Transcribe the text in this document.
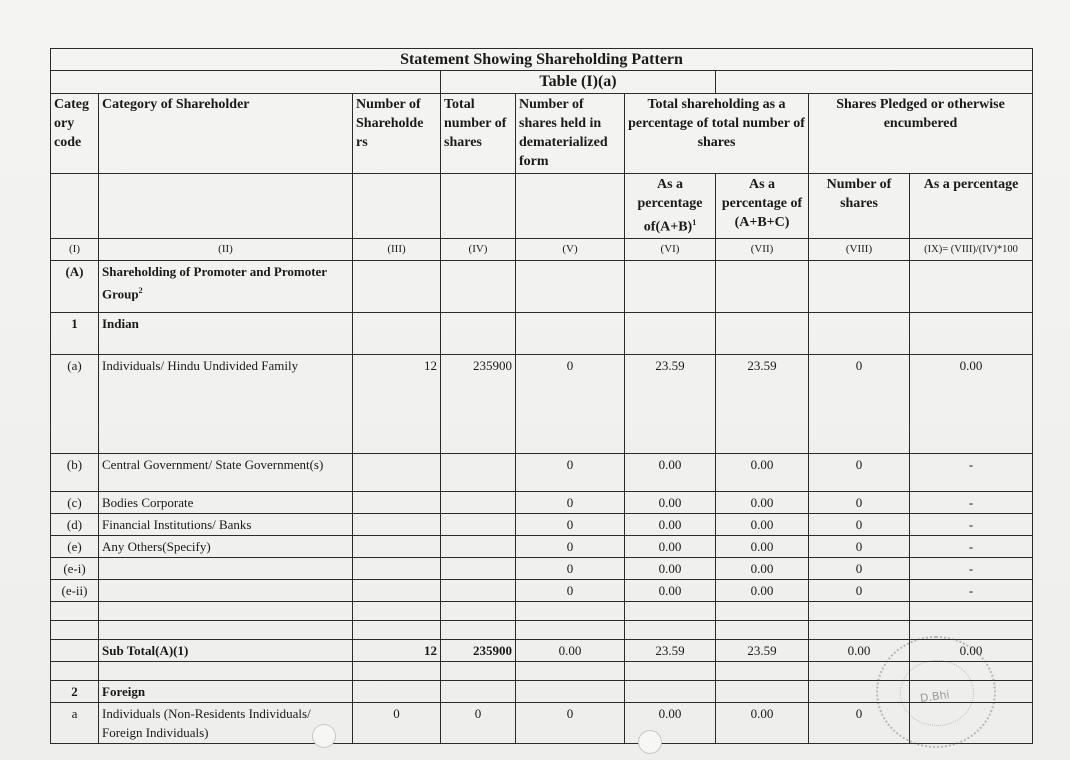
Statement Showing Shareholding Pattern								
			Table (I)(a)					
Categ ory code	Category of Shareholder	Number of Shareholde rs	Total number of shares	Number of shares held in dematerialized form	Total shareholding as a percentage of total number of shares		Shares Pledged or otherwise encumbered	
					As a percentage $of(A+B)^1$	As a percentage of (A+B+C)	Number of shares	As a percentage
(I)	(II)	(III)	(IV)	(V)	(VI)	(VII)	(VIII)	(IX)= (VIII)/(IV)*100
(A)	Shareholding of Promoter and Promoter Group$^2$							
1	Indian							
(a)	Individuals/ Hindu Undivided Family	12	235900	0	23.59	23.59	0	0.00
(b)	Central Government/ State Government(s)			0	0.00	0.00	0	-
(c)	Bodies Corporate			0	0.00	0.00	0	-
(d)	Financial Institutions/ Banks			0	0.00	0.00	0	-
(e)	Any Others(Specify)			0	0.00	0.00	0	-
(e-i)				0	0.00	0.00	0	-
(e-ii)				0	0.00	0.00	0	-

	Sub Total(A)(1)	12	235900	0.00	23.59	23.59	0.00	0.00

2	Foreign							
a	Individuals (Non-Residents Individuals/ Foreign Individuals)	0	0	0	0.00	0.00	0	
D.Bhi
